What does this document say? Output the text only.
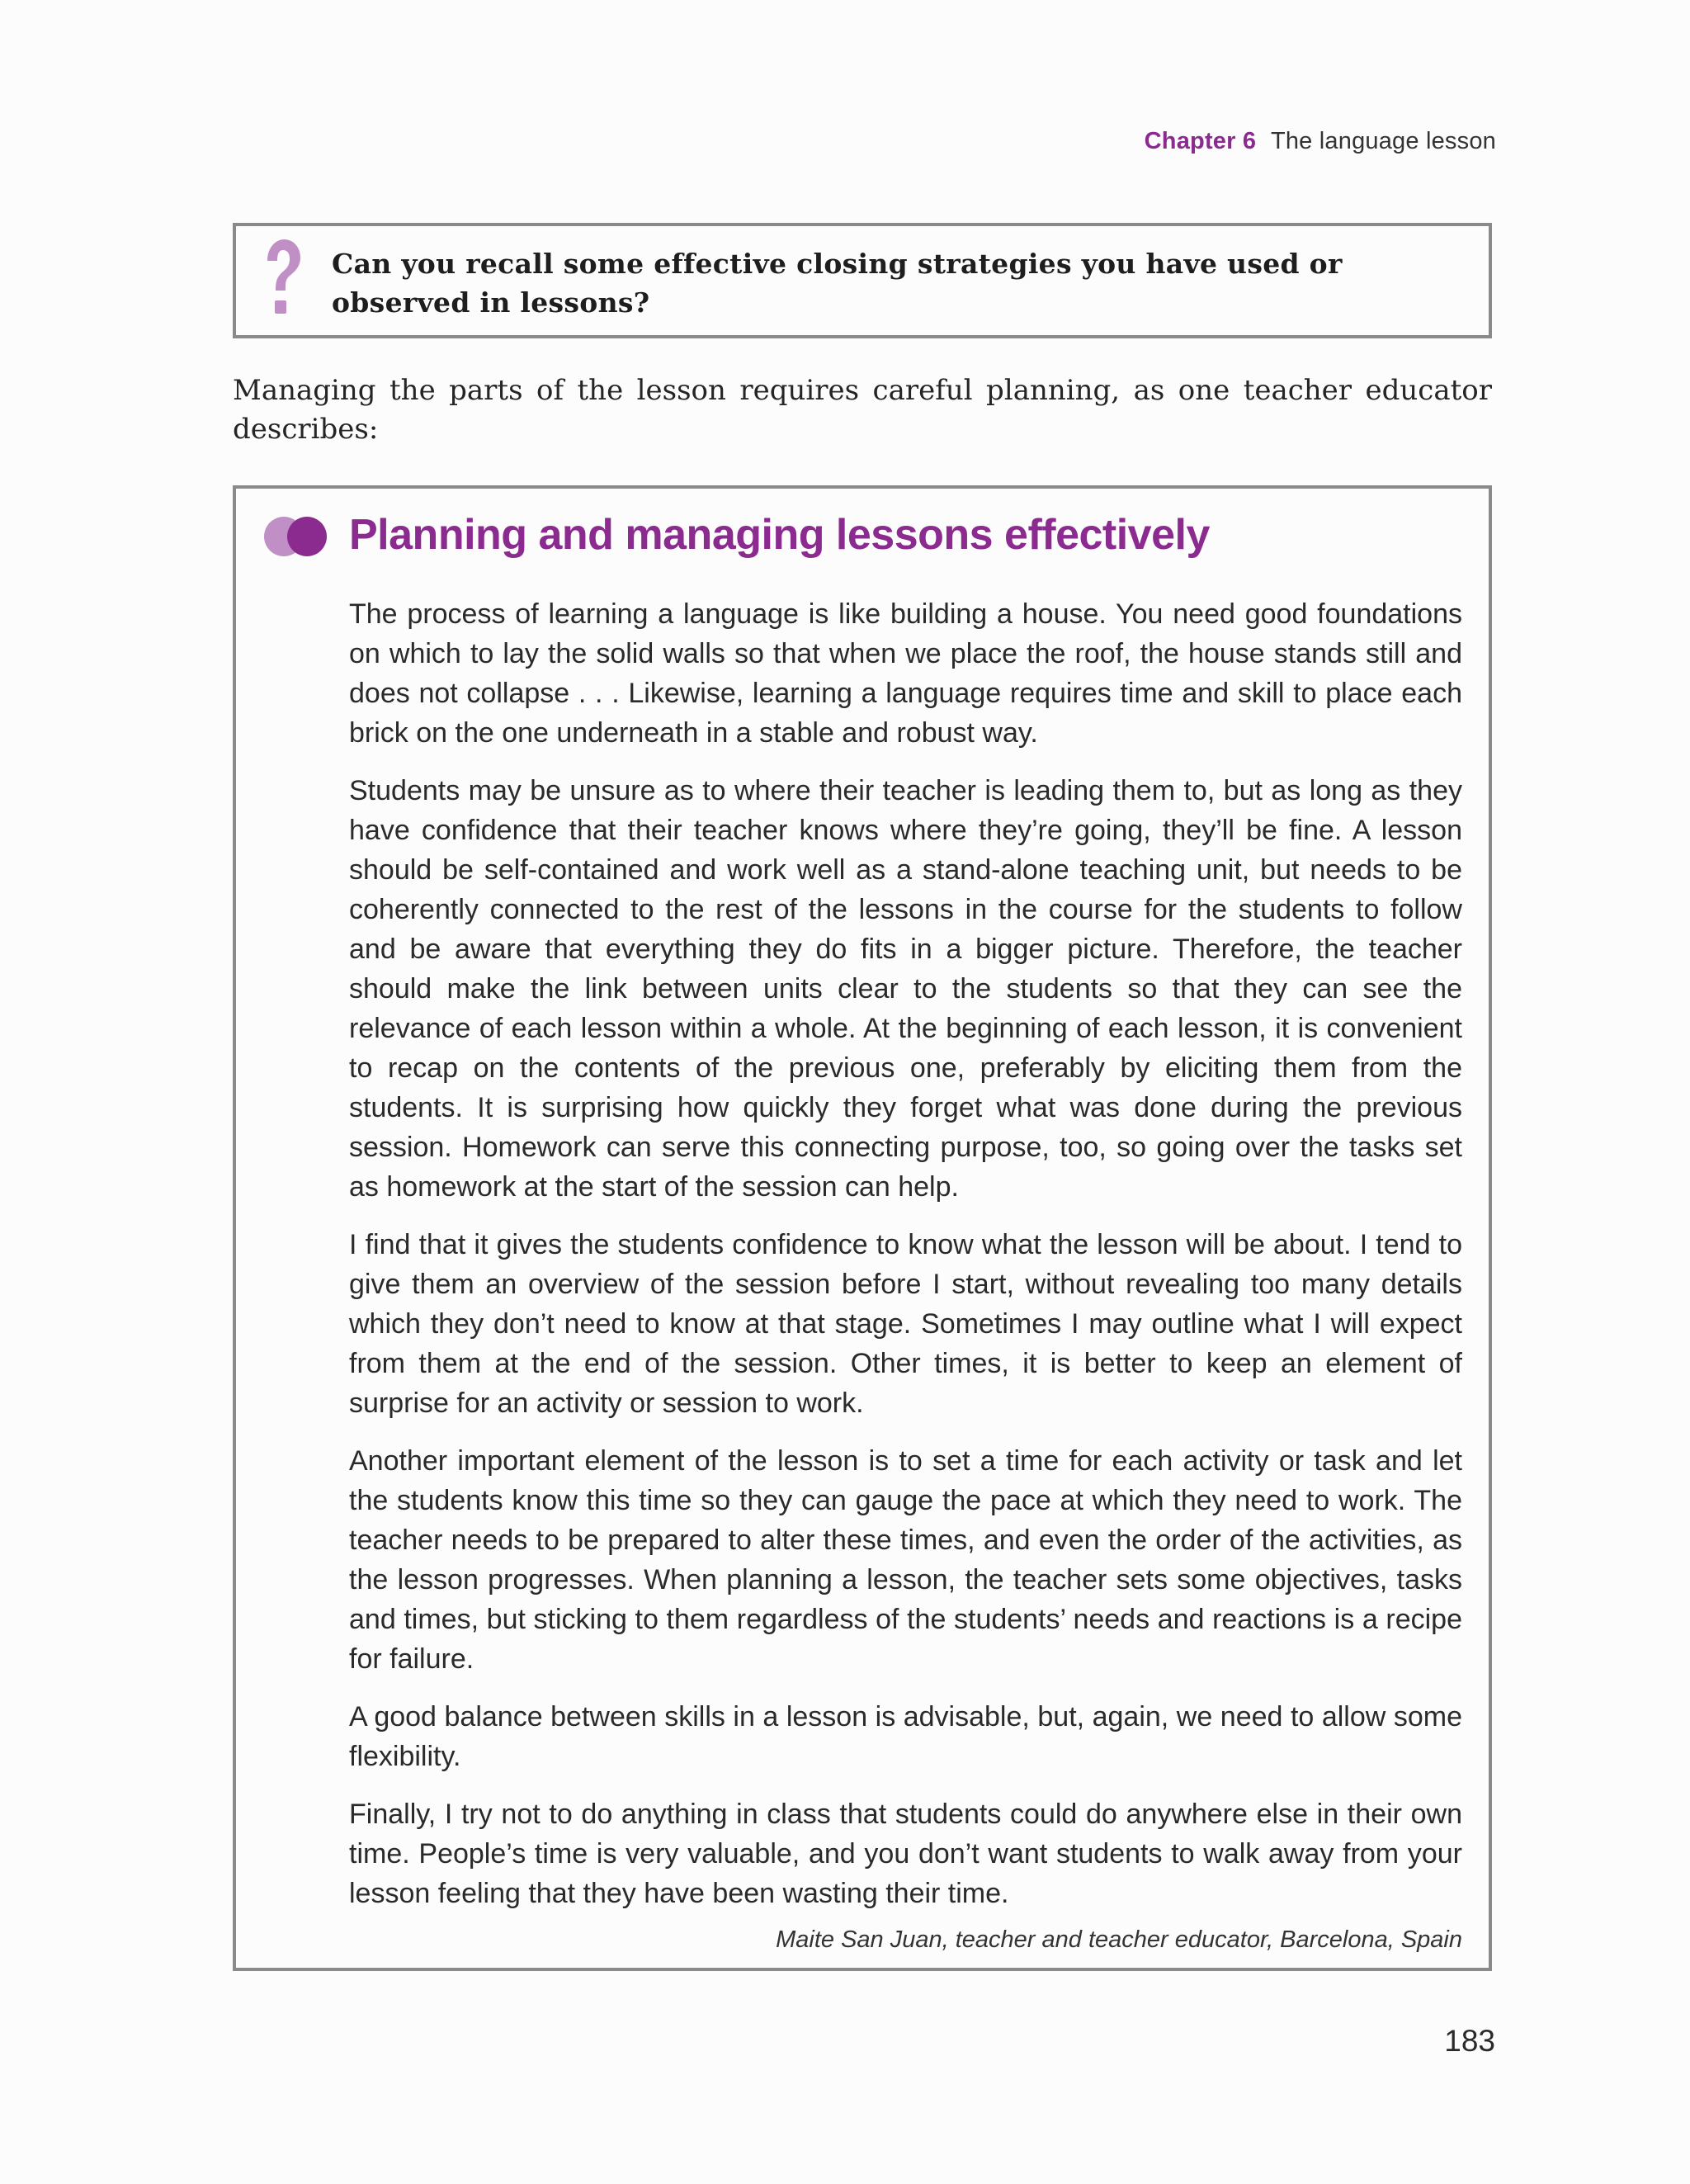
Chapter 6 The language lesson
Can you recall some effective closing strategies you have used or observed in lessons?
Managing the parts of the lesson requires careful planning, as one teacher educator describes:
Planning and managing lessons effectively

The process of learning a language is like building a house. You need good foundations on which to lay the solid walls so that when we place the roof, the house stands still and does not collapse . . . Likewise, learning a language requires time and skill to place each brick on the one underneath in a stable and robust way.

Students may be unsure as to where their teacher is leading them to, but as long as they have confidence that their teacher knows where they’re going, they’ll be fine. A lesson should be self-contained and work well as a stand-alone teaching unit, but needs to be coherently connected to the rest of the lessons in the course for the students to follow and be aware that everything they do fits in a bigger picture. Therefore, the teacher should make the link between units clear to the students so that they can see the relevance of each lesson within a whole. At the beginning of each lesson, it is convenient to recap on the contents of the previous one, preferably by eliciting them from the students. It is surprising how quickly they forget what was done during the previous session. Homework can serve this connecting purpose, too, so going over the tasks set as homework at the start of the session can help.

I find that it gives the students confidence to know what the lesson will be about. I tend to give them an overview of the session before I start, without revealing too many details which they don’t need to know at that stage. Sometimes I may outline what I will expect from them at the end of the session. Other times, it is better to keep an element of surprise for an activity or session to work.

Another important element of the lesson is to set a time for each activity or task and let the students know this time so they can gauge the pace at which they need to work. The teacher needs to be prepared to alter these times, and even the order of the activities, as the lesson progresses. When planning a lesson, the teacher sets some objectives, tasks and times, but sticking to them regardless of the students’ needs and reactions is a recipe for failure.

A good balance between skills in a lesson is advisable, but, again, we need to allow some flexibility.

Finally, I try not to do anything in class that students could do anywhere else in their own time. People’s time is very valuable, and you don’t want students to walk away from your lesson feeling that they have been wasting their time.

Maite San Juan, teacher and teacher educator, Barcelona, Spain
183
